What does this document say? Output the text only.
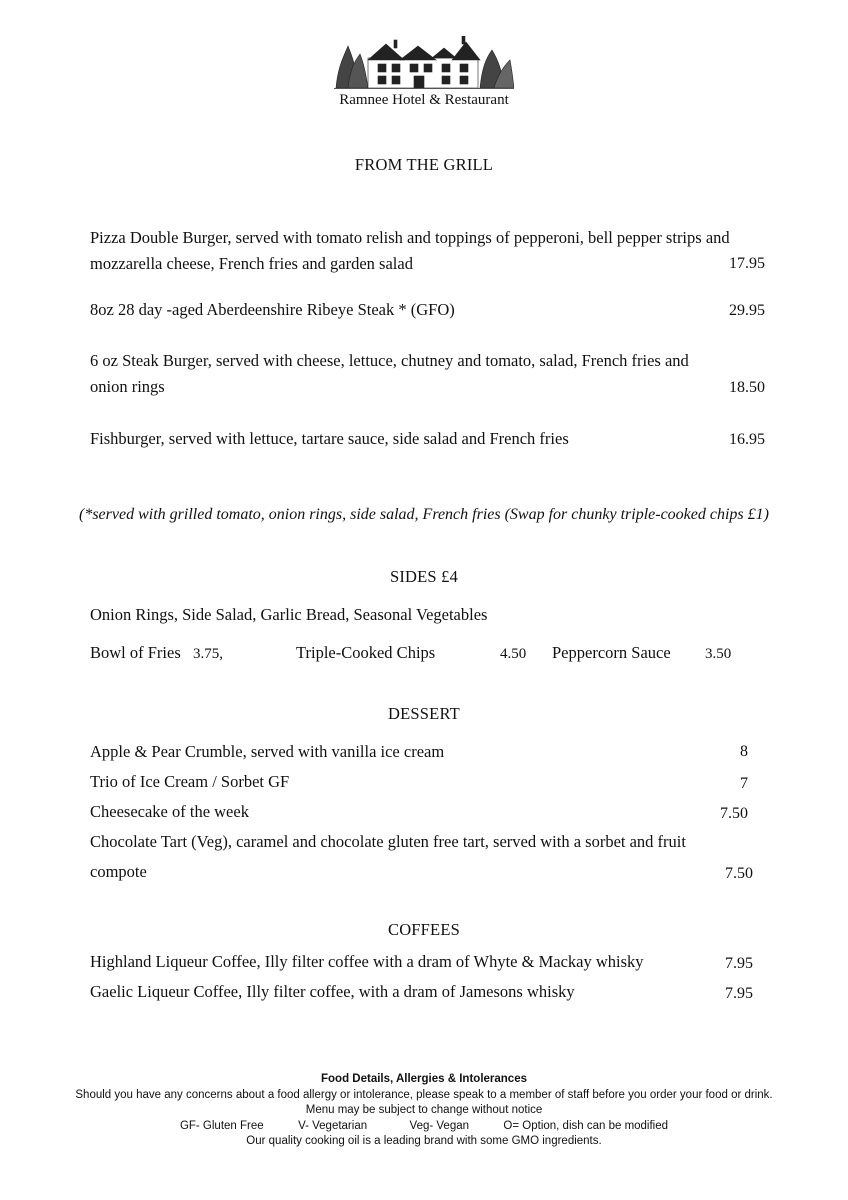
Ramnee Hotel & Restaurant
FROM THE GRILL
Pizza Double Burger, served with tomato relish and toppings of pepperoni, bell pepper strips and
mozzarella cheese, French fries and garden salad	17.95
8oz 28 day -aged Aberdeenshire Ribeye Steak * (GFO)	29.95
6 oz Steak Burger, served with cheese, lettuce, chutney and tomato, salad, French fries and
onion rings	18.50
Fishburger, served with lettuce, tartare sauce, side salad and French fries	16.95
(*served with grilled tomato, onion rings, side salad, French fries (Swap for chunky triple-cooked chips £1)
SIDES £4
Onion Rings, Side Salad, Garlic Bread, Seasonal Vegetables
Bowl of Fries 3.75,	Triple-Cooked Chips	4.50 Peppercorn Sauce 3.50
DESSERT
Apple & Pear Crumble, served with vanilla ice cream	8
Trio of Ice Cream / Sorbet GF	7
Cheesecake of the week	7.50
Chocolate Tart (Veg), caramel and chocolate gluten free tart, served with a sorbet and fruit
compote	7.50
COFFEES
Highland Liqueur Coffee, Illy filter coffee with a dram of Whyte & Mackay whisky	7.95
Gaelic Liqueur Coffee, Illy filter coffee, with a dram of Jamesons whisky	7.95
Food Details, Allergies & Intolerances
Should you have any concerns about a food allergy or intolerance, please speak to a member of staff before you order your food or drink.
Menu may be subject to change without notice
GF- Gluten Free	V- Vegetarian	Veg- Vegan	O= Option, dish can be modified
Our quality cooking oil is a leading brand with some GMO ingredients.
